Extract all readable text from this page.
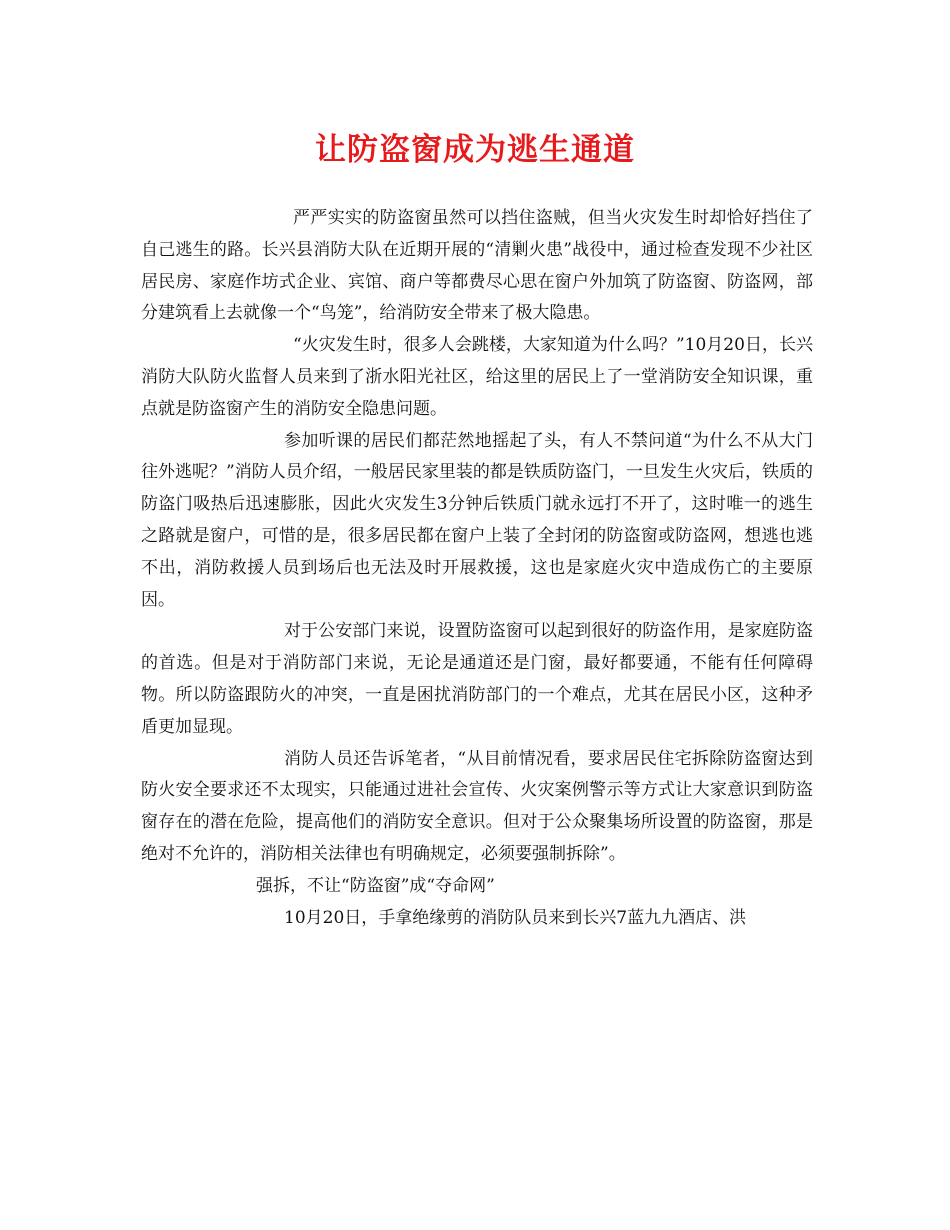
让防盗窗成为逃生通道

严严实实的防盗窗虽然可以挡住盗贼，但当火灾发生时却恰好挡住了自己逃生的路。长兴县消防大队在近期开展的“清剿火患”战役中，通过检查发现不少社区居民房、家庭作坊式企业、宾馆、商户等都费尽心思在窗户外加筑了防盗窗、防盗网，部分建筑看上去就像一个“鸟笼”，给消防安全带来了极大隐患。

“火灾发生时，很多人会跳楼，大家知道为什么吗？”10月20日，长兴消防大队防火监督人员来到了浙水阳光社区，给这里的居民上了一堂消防安全知识课，重点就是防盗窗产生的消防安全隐患问题。

参加听课的居民们都茫然地摇起了头，有人不禁问道“为什么不从大门往外逃呢？”消防人员介绍，一般居民家里装的都是铁质防盗门，一旦发生火灾后，铁质的防盗门吸热后迅速膨胀，因此火灾发生3分钟后铁质门就永远打不开了，这时唯一的逃生之路就是窗户，可惜的是，很多居民都在窗户上装了全封闭的防盗窗或防盗网，想逃也逃不出，消防救援人员到场后也无法及时开展救援，这也是家庭火灾中造成伤亡的主要原因。

对于公安部门来说，设置防盗窗可以起到很好的防盗作用，是家庭防盗的首选。但是对于消防部门来说，无论是通道还是门窗，最好都要通，不能有任何障碍物。所以防盗跟防火的冲突，一直是困扰消防部门的一个难点，尤其在居民小区，这种矛盾更加显现。

消防人员还告诉笔者，“从目前情况看，要求居民住宅拆除防盗窗达到防火安全要求还不太现实，只能通过进社会宣传、火灾案例警示等方式让大家意识到防盗窗存在的潜在危险，提高他们的消防安全意识。但对于公众聚集场所设置的防盗窗，那是绝对不允许的，消防相关法律也有明确规定，必须要强制拆除”。

强拆，不让“防盗窗”成“夺命网”

10月20日，手拿绝缘剪的消防队员来到长兴7蓝九九酒店、洪
